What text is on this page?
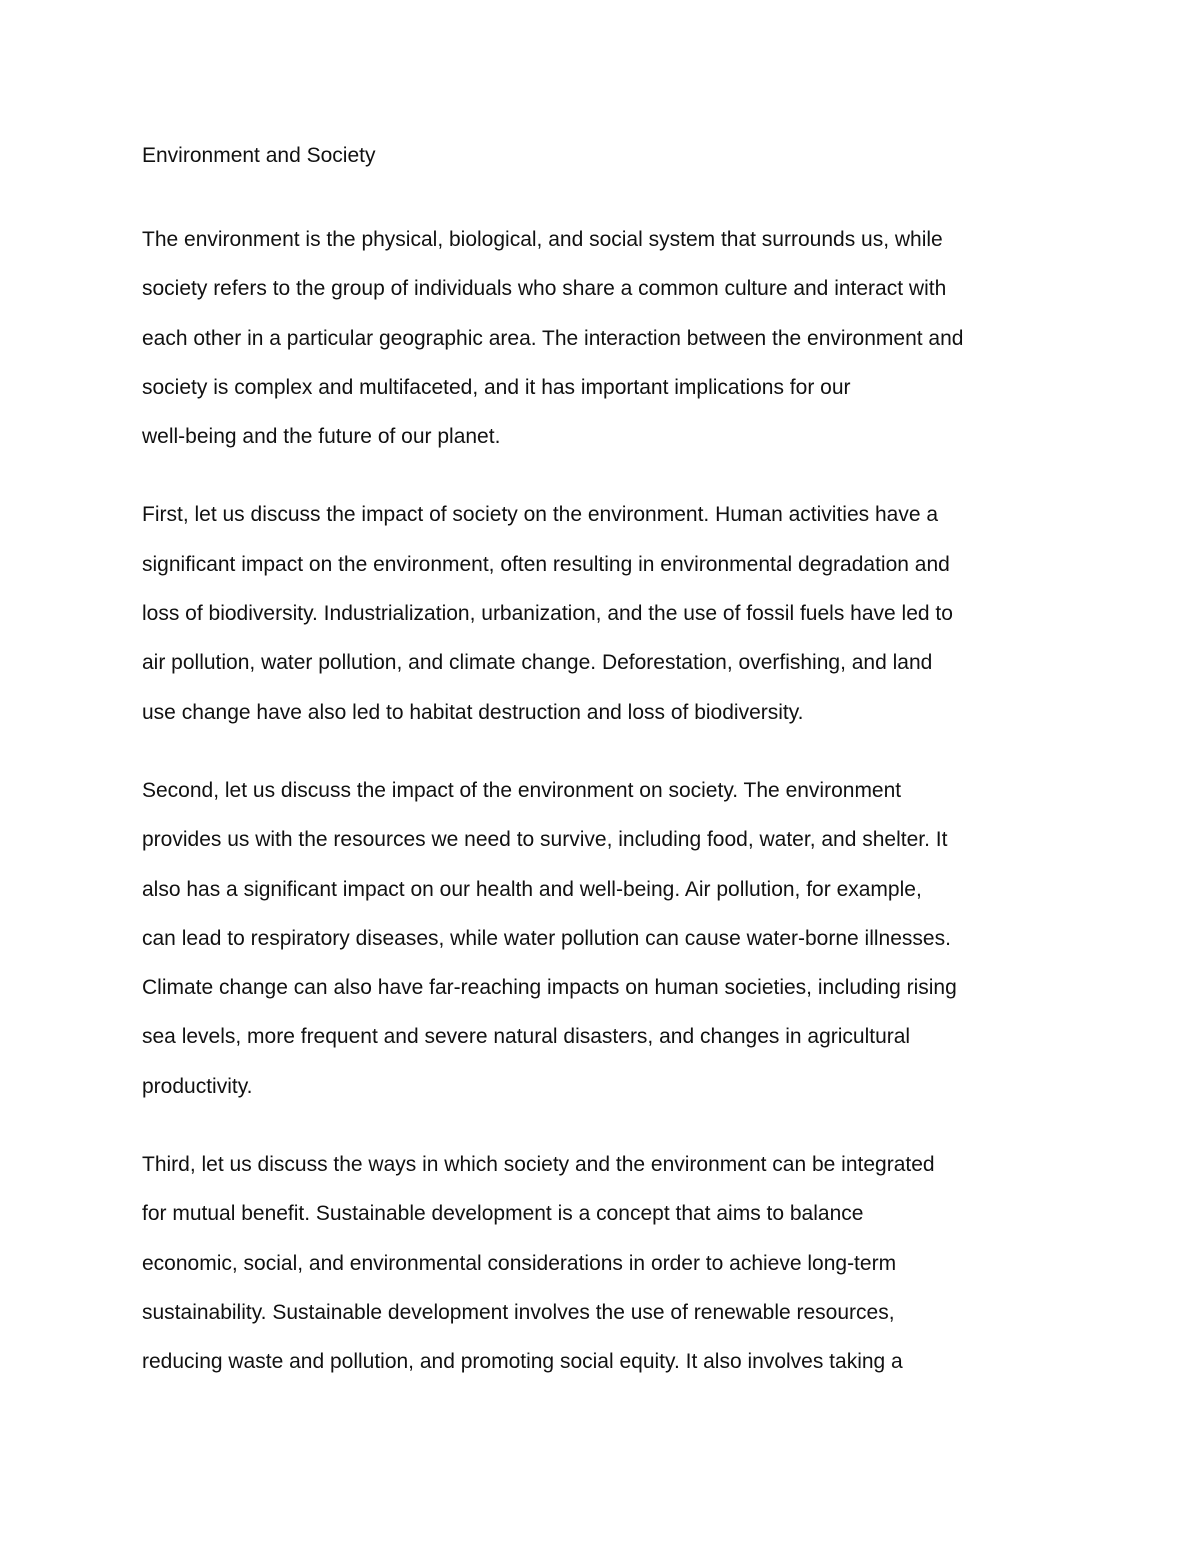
Environment and Society
The environment is the physical, biological, and social system that surrounds us, while
society refers to the group of individuals who share a common culture and interact with
each other in a particular geographic area. The interaction between the environment and
society is complex and multifaceted, and it has important implications for our
well-being and the future of our planet.
First, let us discuss the impact of society on the environment. Human activities have a
significant impact on the environment, often resulting in environmental degradation and
loss of biodiversity. Industrialization, urbanization, and the use of fossil fuels have led to
air pollution, water pollution, and climate change. Deforestation, overfishing, and land
use change have also led to habitat destruction and loss of biodiversity.
Second, let us discuss the impact of the environment on society. The environment
provides us with the resources we need to survive, including food, water, and shelter. It
also has a significant impact on our health and well-being. Air pollution, for example,
can lead to respiratory diseases, while water pollution can cause water-borne illnesses.
Climate change can also have far-reaching impacts on human societies, including rising
sea levels, more frequent and severe natural disasters, and changes in agricultural
productivity.
Third, let us discuss the ways in which society and the environment can be integrated
for mutual benefit. Sustainable development is a concept that aims to balance
economic, social, and environmental considerations in order to achieve long-term
sustainability. Sustainable development involves the use of renewable resources,
reducing waste and pollution, and promoting social equity. It also involves taking a
